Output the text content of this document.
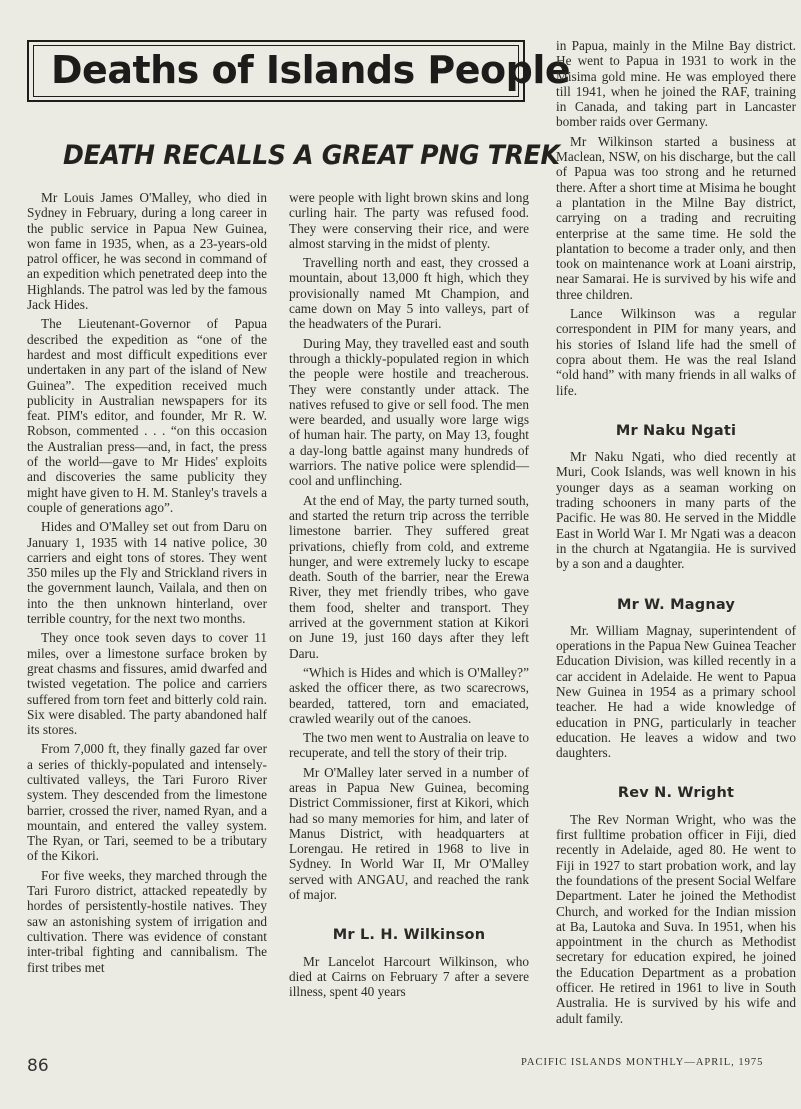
Deaths of Islands People
DEATH RECALLS A GREAT PNG TREK

Mr Louis James O'Malley, who died in Sydney in February, during a long career in the public service in Papua New Guinea, won fame in 1935, when, as a 23-years-old patrol officer, he was second in command of an expedition which penetrated deep into the Highlands. The patrol was led by the famous Jack Hides.

The Lieutenant-Governor of Papua described the expedition as “one of the hardest and most difficult expeditions ever undertaken in any part of the island of New Guinea”. The expedition received much publicity in Australian newspapers for its feat. PIM's editor, and founder, Mr R. W. Robson, commented . . . “on this occasion the Australian press—and, in fact, the press of the world—gave to Mr Hides' exploits and discoveries the same publicity they might have given to H. M. Stanley's travels a couple of generations ago”.

Hides and O'Malley set out from Daru on January 1, 1935 with 14 native police, 30 carriers and eight tons of stores. They went 350 miles up the Fly and Strickland rivers in the government launch, Vailala, and then on into the then unknown hinterland, over terrible country, for the next two months.

They once took seven days to cover 11 miles, over a limestone surface broken by great chasms and fissures, amid dwarfed and twisted vegetation. The police and carriers suffered from torn feet and bitterly cold rain. Six were disabled. The party abandoned half its stores.

From 7,000 ft, they finally gazed far over a series of thickly-populated and intensely-cultivated valleys, the Tari Furoro River system. They descended from the limestone barrier, crossed the river, named Ryan, and a mountain, and entered the valley system. The Ryan, or Tari, seemed to be a tributary of the Kikori.

For five weeks, they marched through the Tari Furoro district, attacked repeatedly by hordes of persistently-hostile natives. They saw an astonishing system of irrigation and cultivation. There was evidence of constant inter-tribal fighting and cannibalism. The first tribes met

were people with light brown skins and long curling hair. The party was refused food. They were conserving their rice, and were almost starving in the midst of plenty.

Travelling north and east, they crossed a mountain, about 13,000 ft high, which they provisionally named Mt Champion, and came down on May 5 into valleys, part of the headwaters of the Purari.

During May, they travelled east and south through a thickly-populated region in which the people were hostile and treacherous. They were constantly under attack. The natives refused to give or sell food. The men were bearded, and usually wore large wigs of human hair. The party, on May 13, fought a day-long battle against many hundreds of warriors. The native police were splendid—cool and unflinching.

At the end of May, the party turned south, and started the return trip across the terrible limestone barrier. They suffered great privations, chiefly from cold, and extreme hunger, and were extremely lucky to escape death. South of the barrier, near the Erewa River, they met friendly tribes, who gave them food, shelter and transport. They arrived at the government station at Kikori on June 19, just 160 days after they left Daru.

“Which is Hides and which is O'Malley?” asked the officer there, as two scarecrows, bearded, tattered, torn and emaciated, crawled wearily out of the canoes.

The two men went to Australia on leave to recuperate, and tell the story of their trip.

Mr O'Malley later served in a number of areas in Papua New Guinea, becoming District Commissioner, first at Kikori, which had so many memories for him, and later of Manus District, with headquarters at Lorengau. He retired in 1968 to live in Sydney. In World War II, Mr O'Malley served with ANGAU, and reached the rank of major.

Mr L. H. Wilkinson

Mr Lancelot Harcourt Wilkinson, who died at Cairns on February 7 after a severe illness, spent 40 years

in Papua, mainly in the Milne Bay district. He went to Papua in 1931 to work in the Misima gold mine. He was employed there till 1941, when he joined the RAF, training in Canada, and taking part in Lancaster bomber raids over Germany.

Mr Wilkinson started a business at Maclean, NSW, on his discharge, but the call of Papua was too strong and he returned there. After a short time at Misima he bought a plantation in the Milne Bay district, carrying on a trading and recruiting enterprise at the same time. He sold the plantation to become a trader only, and then took on maintenance work at Loani airstrip, near Samarai. He is survived by his wife and three children.

Lance Wilkinson was a regular correspondent in PIM for many years, and his stories of Island life had the smell of copra about them. He was the real Island “old hand” with many friends in all walks of life.

Mr Naku Ngati

Mr Naku Ngati, who died recently at Muri, Cook Islands, was well known in his younger days as a seaman working on trading schooners in many parts of the Pacific. He was 80. He served in the Middle East in World War I. Mr Ngati was a deacon in the church at Ngatangiia. He is survived by a son and a daughter.

Mr W. Magnay

Mr. William Magnay, superintendent of operations in the Papua New Guinea Teacher Education Division, was killed recently in a car accident in Adelaide. He went to Papua New Guinea in 1954 as a primary school teacher. He had a wide knowledge of education in PNG, particularly in teacher education. He leaves a widow and two daughters.

Rev N. Wright

The Rev Norman Wright, who was the first fulltime probation officer in Fiji, died recently in Adelaide, aged 80. He went to Fiji in 1927 to start probation work, and lay the foundations of the present Social Welfare Department. Later he joined the Methodist Church, and worked for the Indian mission at Ba, Lautoka and Suva. In 1951, when his appointment in the church as Methodist secretary for education expired, he joined the Education Department as a probation officer. He retired in 1961 to live in South Australia. He is survived by his wife and adult family.

86	PACIFIC ISLANDS MONTHLY—APRIL, 1975
